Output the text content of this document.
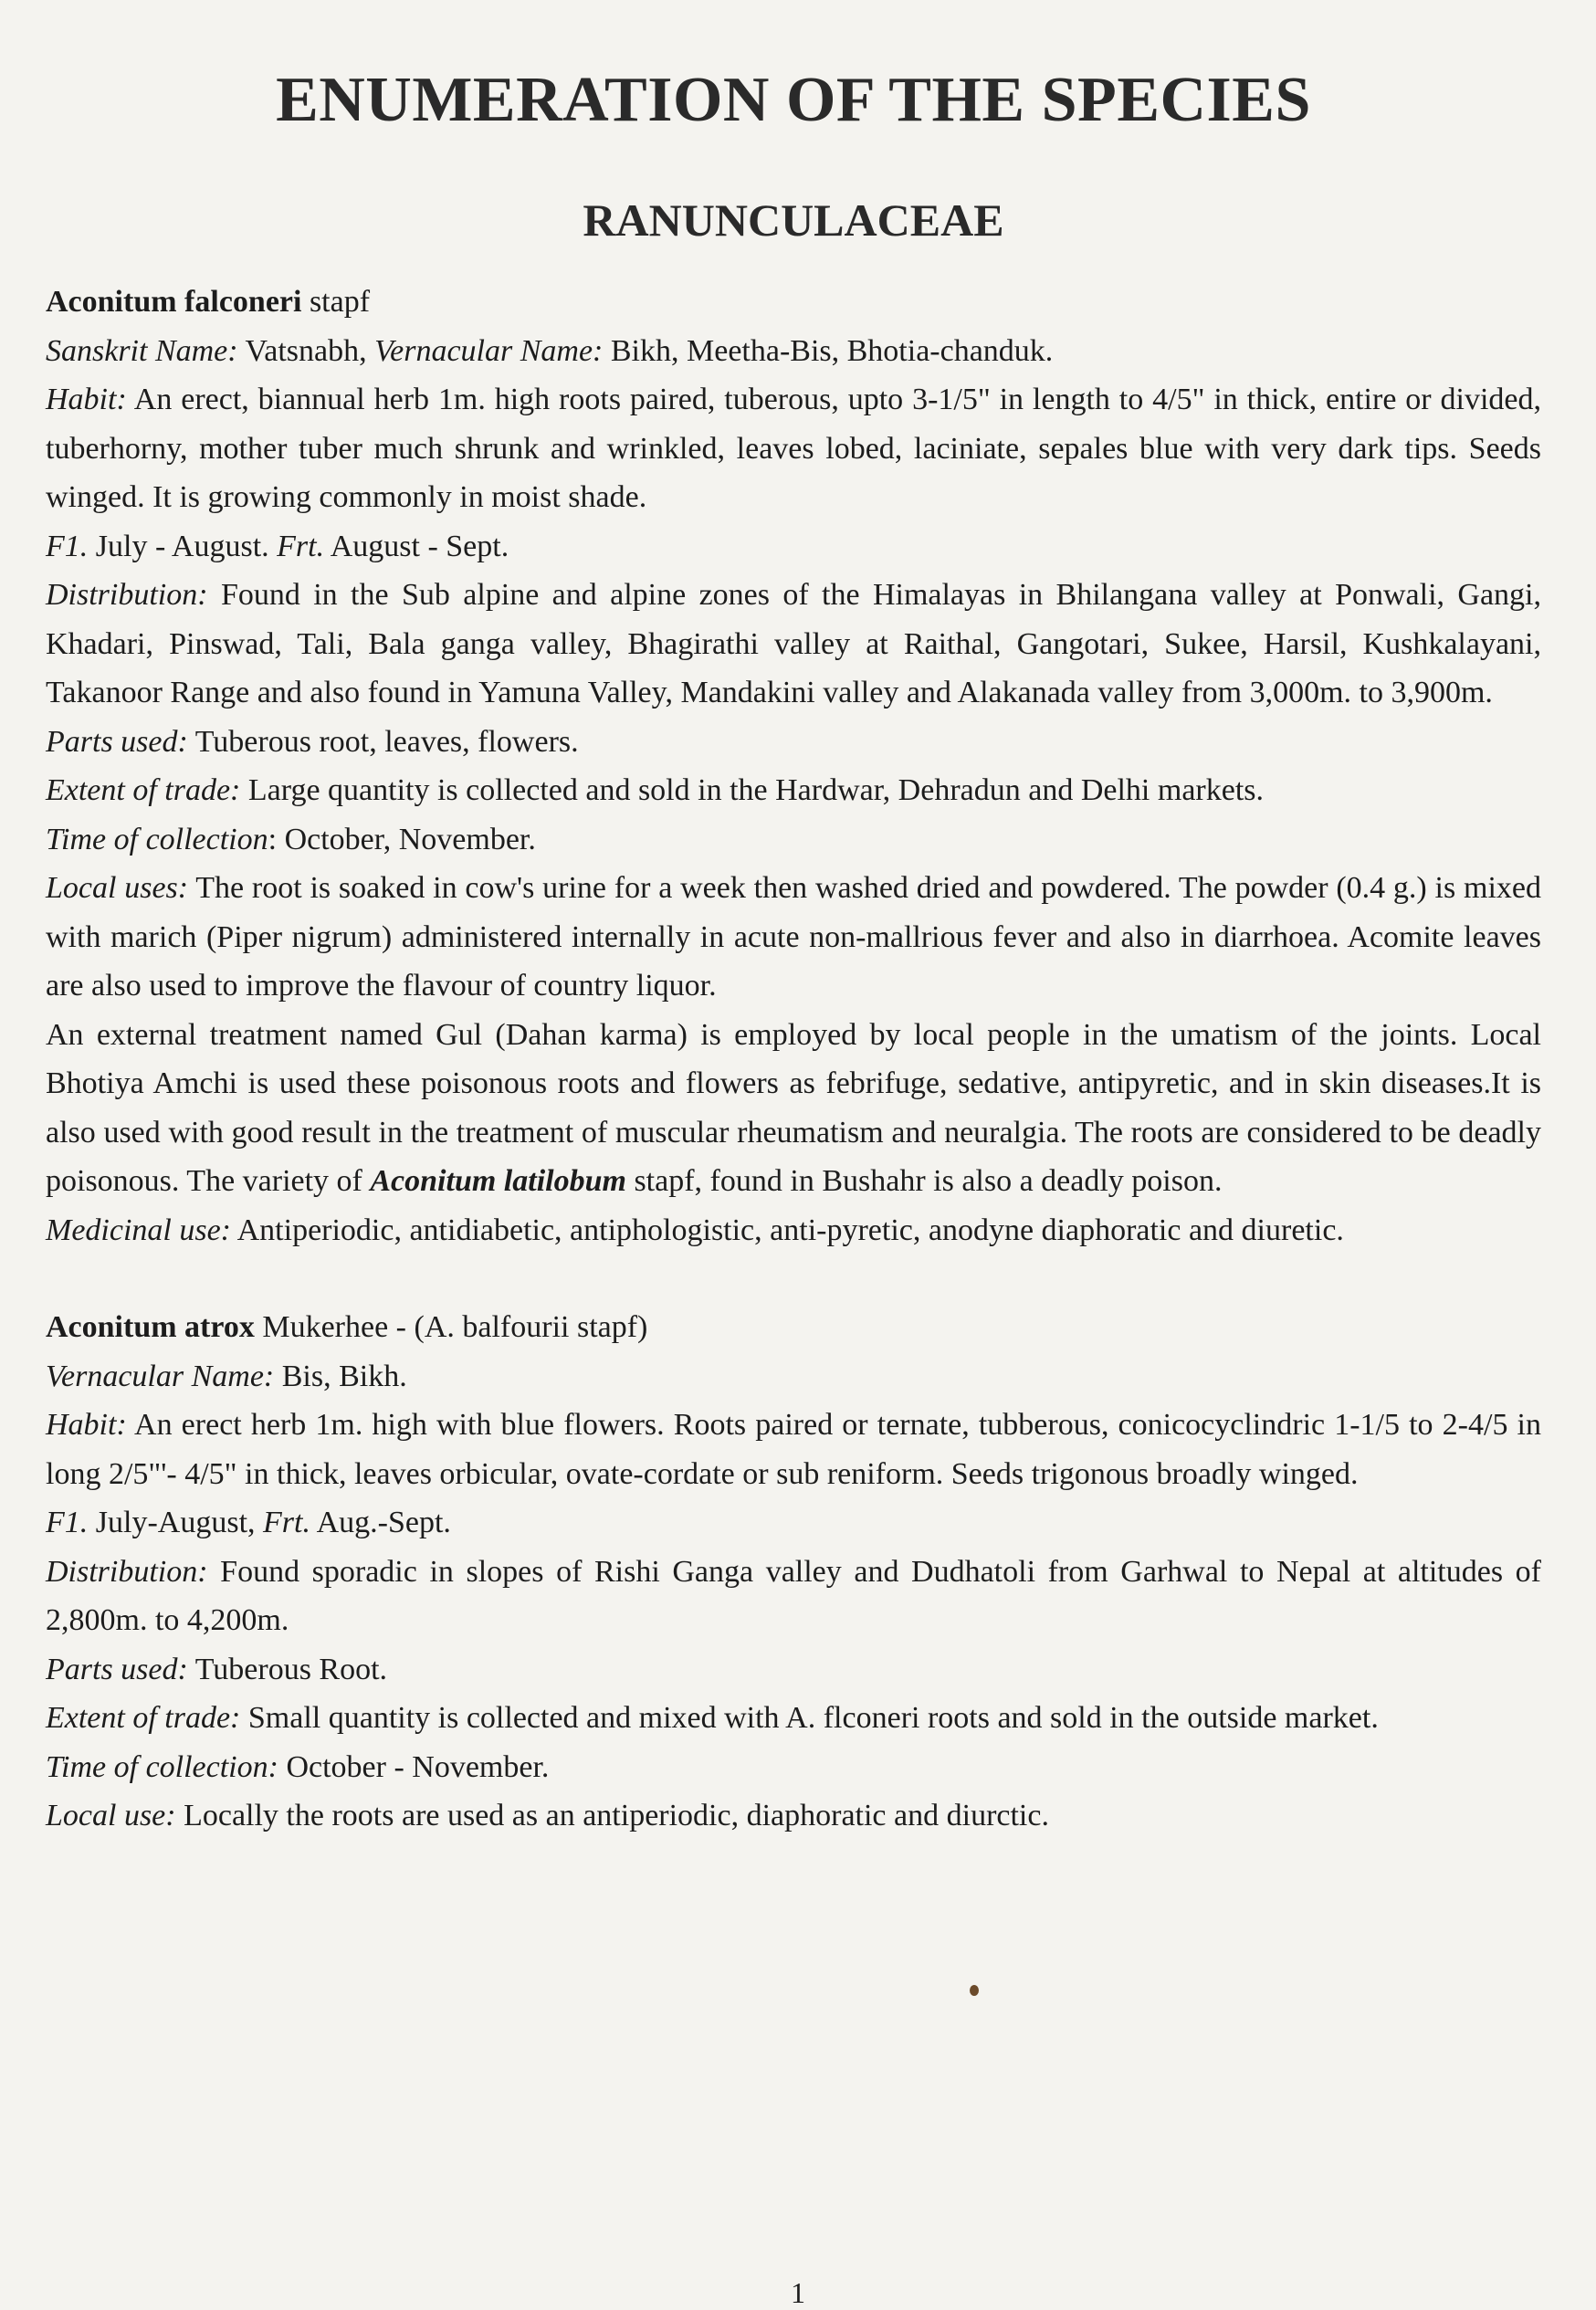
ENUMERATION OF THE SPECIES
RANUNCULACEAE

Aconitum falconeri stapf

Sanskrit Name: Vatsnabh, Vernacular Name: Bikh, Meetha-Bis, Bhotia-chanduk.

Habit: An erect, biannual herb 1m. high roots paired, tuberous, upto 3-1/5" in length to 4/5" in thick, entire or divided, tuberhorny, mother tuber much shrunk and wrinkled, leaves lobed, laciniate, sepales blue with very dark tips. Seeds winged. It is growing commonly in moist shade.

F1. July - August. Frt. August - Sept.

Distribution: Found in the Sub alpine and alpine zones of the Himalayas in Bhilangana valley at Ponwali, Gangi, Khadari, Pinswad, Tali, Bala ganga valley, Bhagirathi valley at Raithal, Gangotari, Sukee, Harsil, Kushkalayani, Takanoor Range and also found in Yamuna Valley, Mandakini valley and Alakanada valley from 3,000m. to 3,900m.

Parts used: Tuberous root, leaves, flowers.

Extent of trade: Large quantity is collected and sold in the Hardwar, Dehradun and Delhi markets.

Time of collection: October, November.

Local uses: The root is soaked in cow's urine for a week then washed dried and powdered. The powder (0.4 g.) is mixed with marich (Piper nigrum) administered internally in acute non-mallrious fever and also in diarrhoea. Acomite leaves are also used to improve the flavour of country liquor.

An external treatment named Gul (Dahan karma) is employed by local people in the umatism of the joints. Local Bhotiya Amchi is used these poisonous roots and flowers as febrifuge, sedative, antipyretic, and in skin diseases.It is also used with good result in the treatment of muscular rheumatism and neuralgia. The roots are considered to be deadly poisonous. The variety of Aconitum latilobum stapf, found in Bushahr is also a deadly poison.

Medicinal use: Antiperiodic, antidiabetic, antiphologistic, anti-pyretic, anodyne diaphoratic and diuretic.

Aconitum atrox Mukerhee - (A. balfourii stapf)

Vernacular Name: Bis, Bikh.

Habit: An erect herb 1m. high with blue flowers. Roots paired or ternate, tubberous, conicocyclindric 1-1/5 to 2-4/5 in long 2/5"'- 4/5" in thick, leaves orbicular, ovate-cordate or sub reniform. Seeds trigonous broadly winged.

F1. July-August, Frt. Aug.-Sept.

Distribution: Found sporadic in slopes of Rishi Ganga valley and Dudhatoli from Garhwal to Nepal at altitudes of 2,800m. to 4,200m.

Parts used: Tuberous Root.

Extent of trade: Small quantity is collected and mixed with A. flconeri roots and sold in the outside market.

Time of collection: October - November.

Local use: Locally the roots are used as an antiperiodic, diaphoratic and diurctic.

1
